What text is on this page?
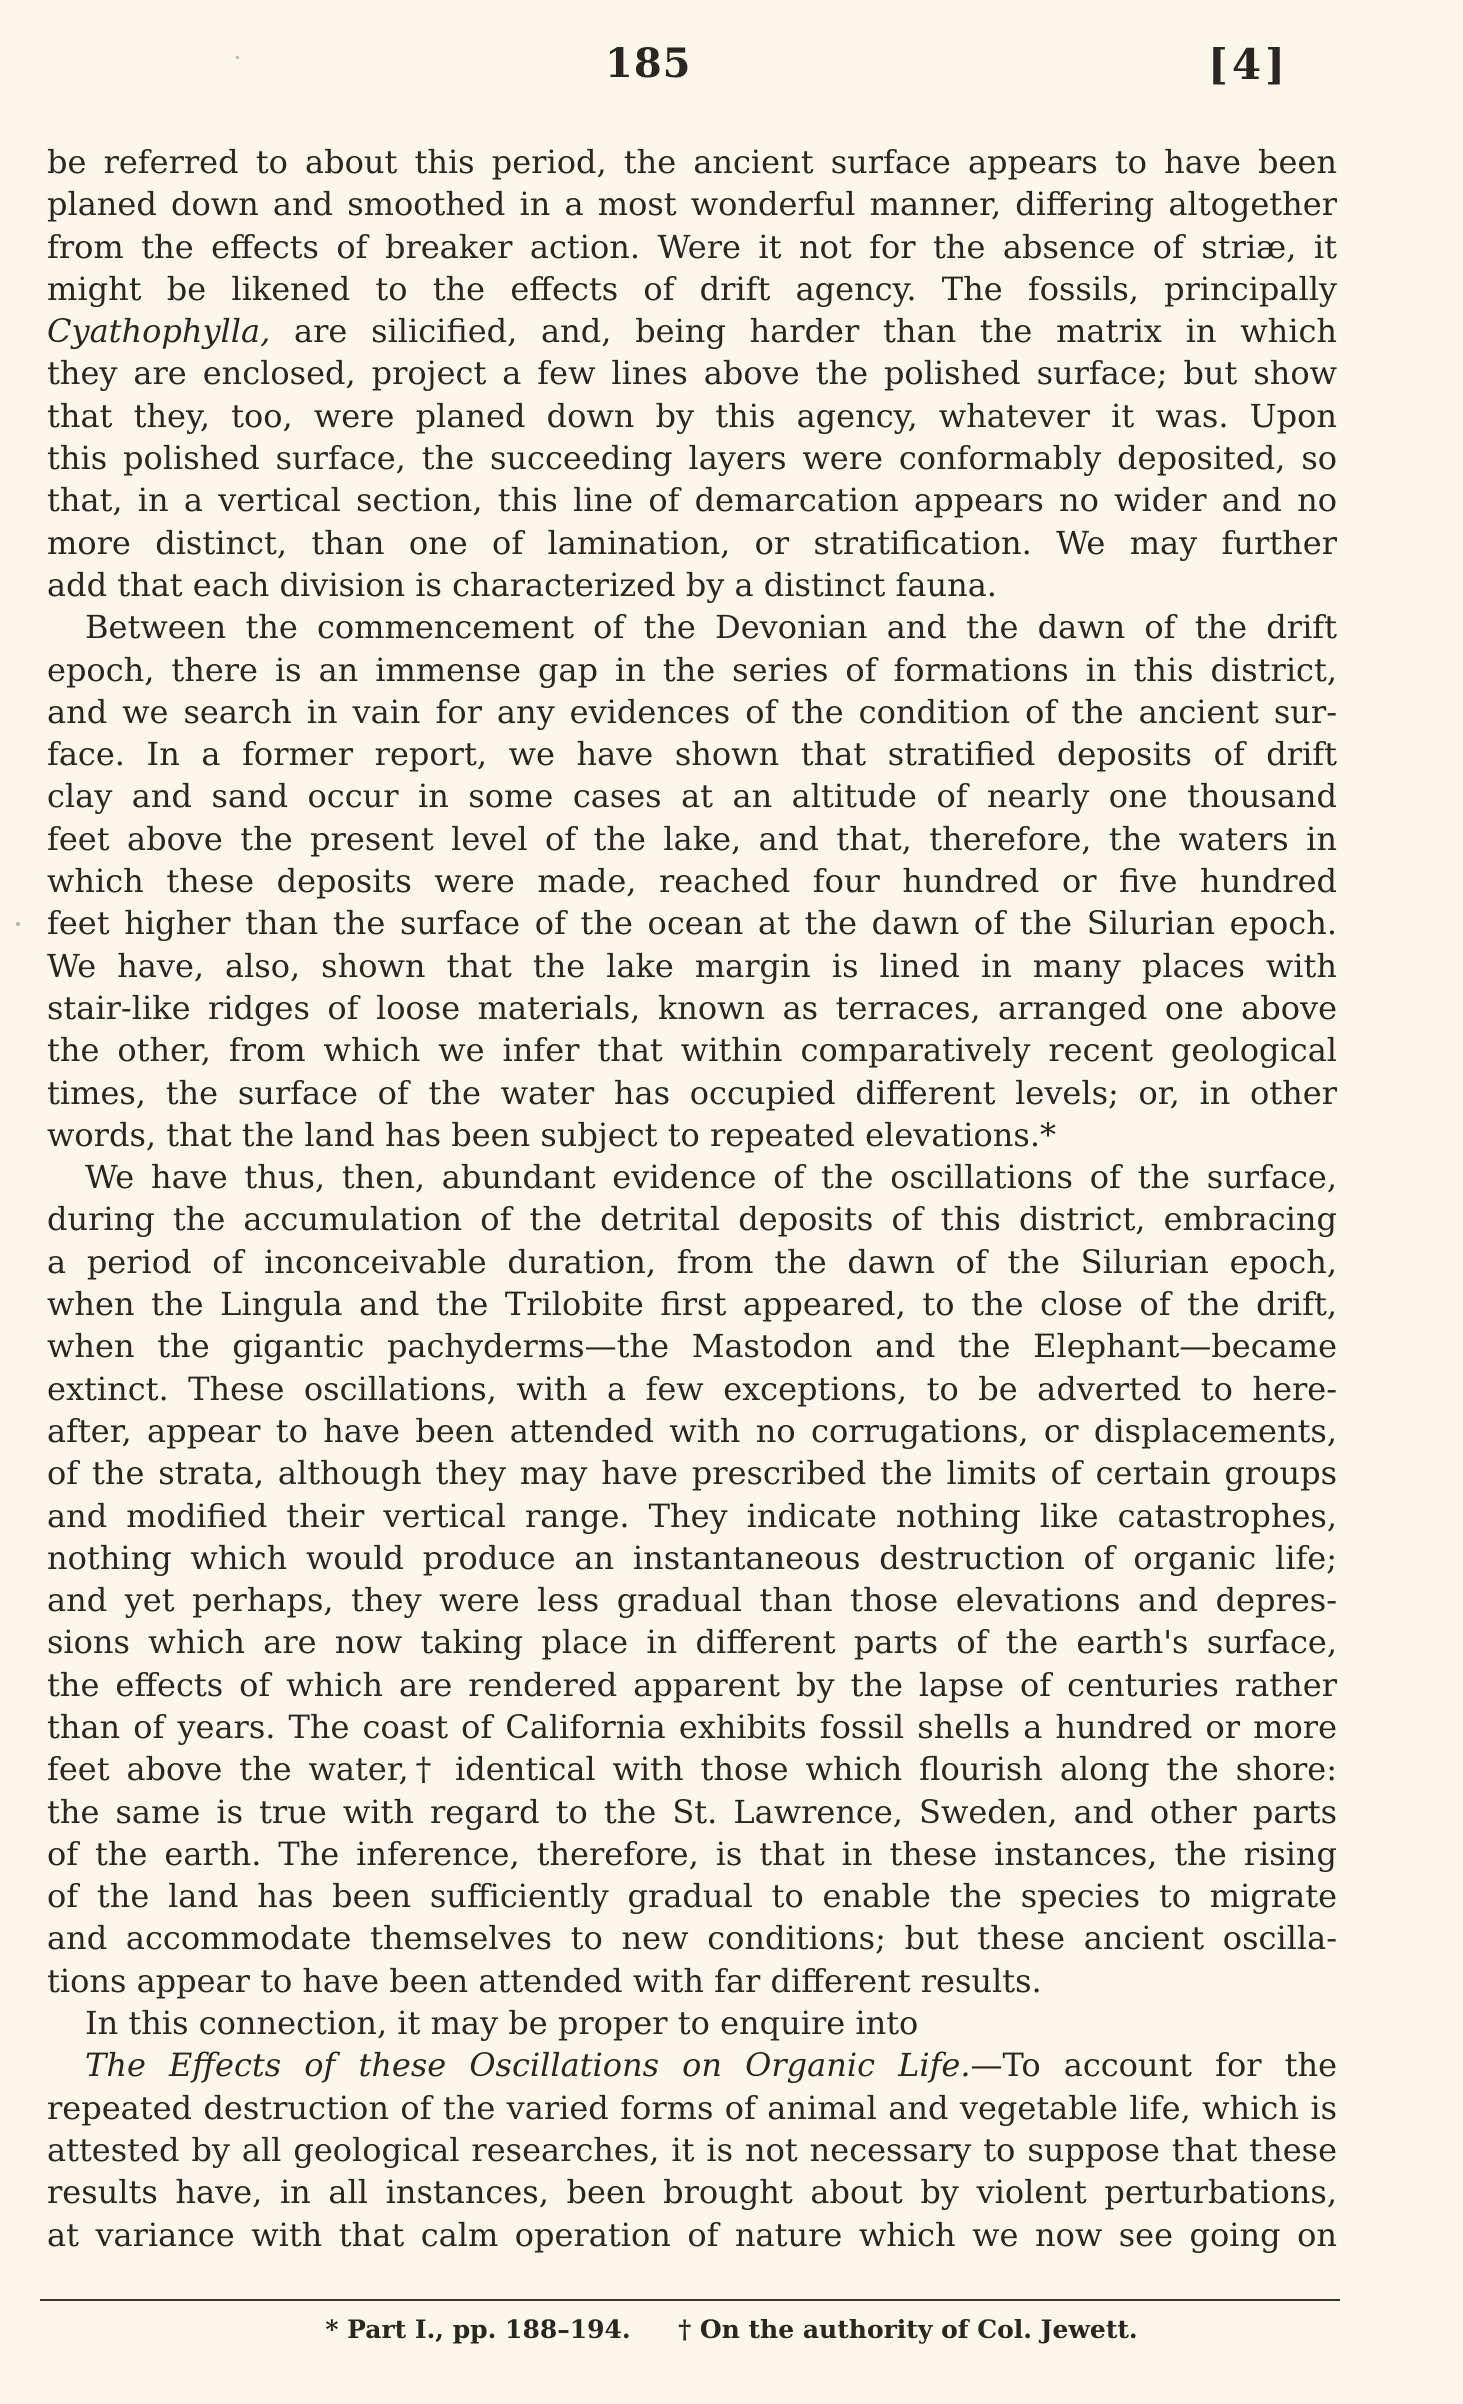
185	[4]
be referred to about this period, the ancient surface appears to have been
planed down and smoothed in a most wonderful manner, differing altogether
from the effects of breaker action. Were it not for the absence of striæ, it
might be likened to the effects of drift agency. The fossils, principally
Cyathophylla, are silicified, and, being harder than the matrix in which
they are enclosed, project a few lines above the polished surface; but show
that they, too, were planed down by this agency, whatever it was. Upon
this polished surface, the succeeding layers were conformably deposited, so
that, in a vertical section, this line of demarcation appears no wider and no
more distinct, than one of lamination, or stratification. We may further
add that each division is characterized by a distinct fauna.
Between the commencement of the Devonian and the dawn of the drift
epoch, there is an immense gap in the series of formations in this district,
and we search in vain for any evidences of the condition of the ancient sur-
face. In a former report, we have shown that stratified deposits of drift
clay and sand occur in some cases at an altitude of nearly one thousand
feet above the present level of the lake, and that, therefore, the waters in
which these deposits were made, reached four hundred or five hundred
feet higher than the surface of the ocean at the dawn of the Silurian epoch.
We have, also, shown that the lake margin is lined in many places with
stair-like ridges of loose materials, known as terraces, arranged one above
the other, from which we infer that within comparatively recent geological
times, the surface of the water has occupied different levels; or, in other
words, that the land has been subject to repeated elevations.*
We have thus, then, abundant evidence of the oscillations of the surface,
during the accumulation of the detrital deposits of this district, embracing
a period of inconceivable duration, from the dawn of the Silurian epoch,
when the Lingula and the Trilobite first appeared, to the close of the drift,
when the gigantic pachyderms—the Mastodon and the Elephant—became
extinct. These oscillations, with a few exceptions, to be adverted to here-
after, appear to have been attended with no corrugations, or displacements,
of the strata, although they may have prescribed the limits of certain groups
and modified their vertical range. They indicate nothing like catastrophes,
nothing which would produce an instantaneous destruction of organic life;
and yet perhaps, they were less gradual than those elevations and depres-
sions which are now taking place in different parts of the earth's surface,
the effects of which are rendered apparent by the lapse of centuries rather
than of years. The coast of California exhibits fossil shells a hundred or more
feet above the water,† identical with those which flourish along the shore:
the same is true with regard to the St. Lawrence, Sweden, and other parts
of the earth. The inference, therefore, is that in these instances, the rising
of the land has been sufficiently gradual to enable the species to migrate
and accommodate themselves to new conditions; but these ancient oscilla-
tions appear to have been attended with far different results.
In this connection, it may be proper to enquire into
The Effects of these Oscillations on Organic Life.—To account for the
repeated destruction of the varied forms of animal and vegetable life, which is
attested by all geological researches, it is not necessary to suppose that these
results have, in all instances, been brought about by violent perturbations,
at variance with that calm operation of nature which we now see going on
* Part I., pp. 188–194. † On the authority of Col. Jewett.
